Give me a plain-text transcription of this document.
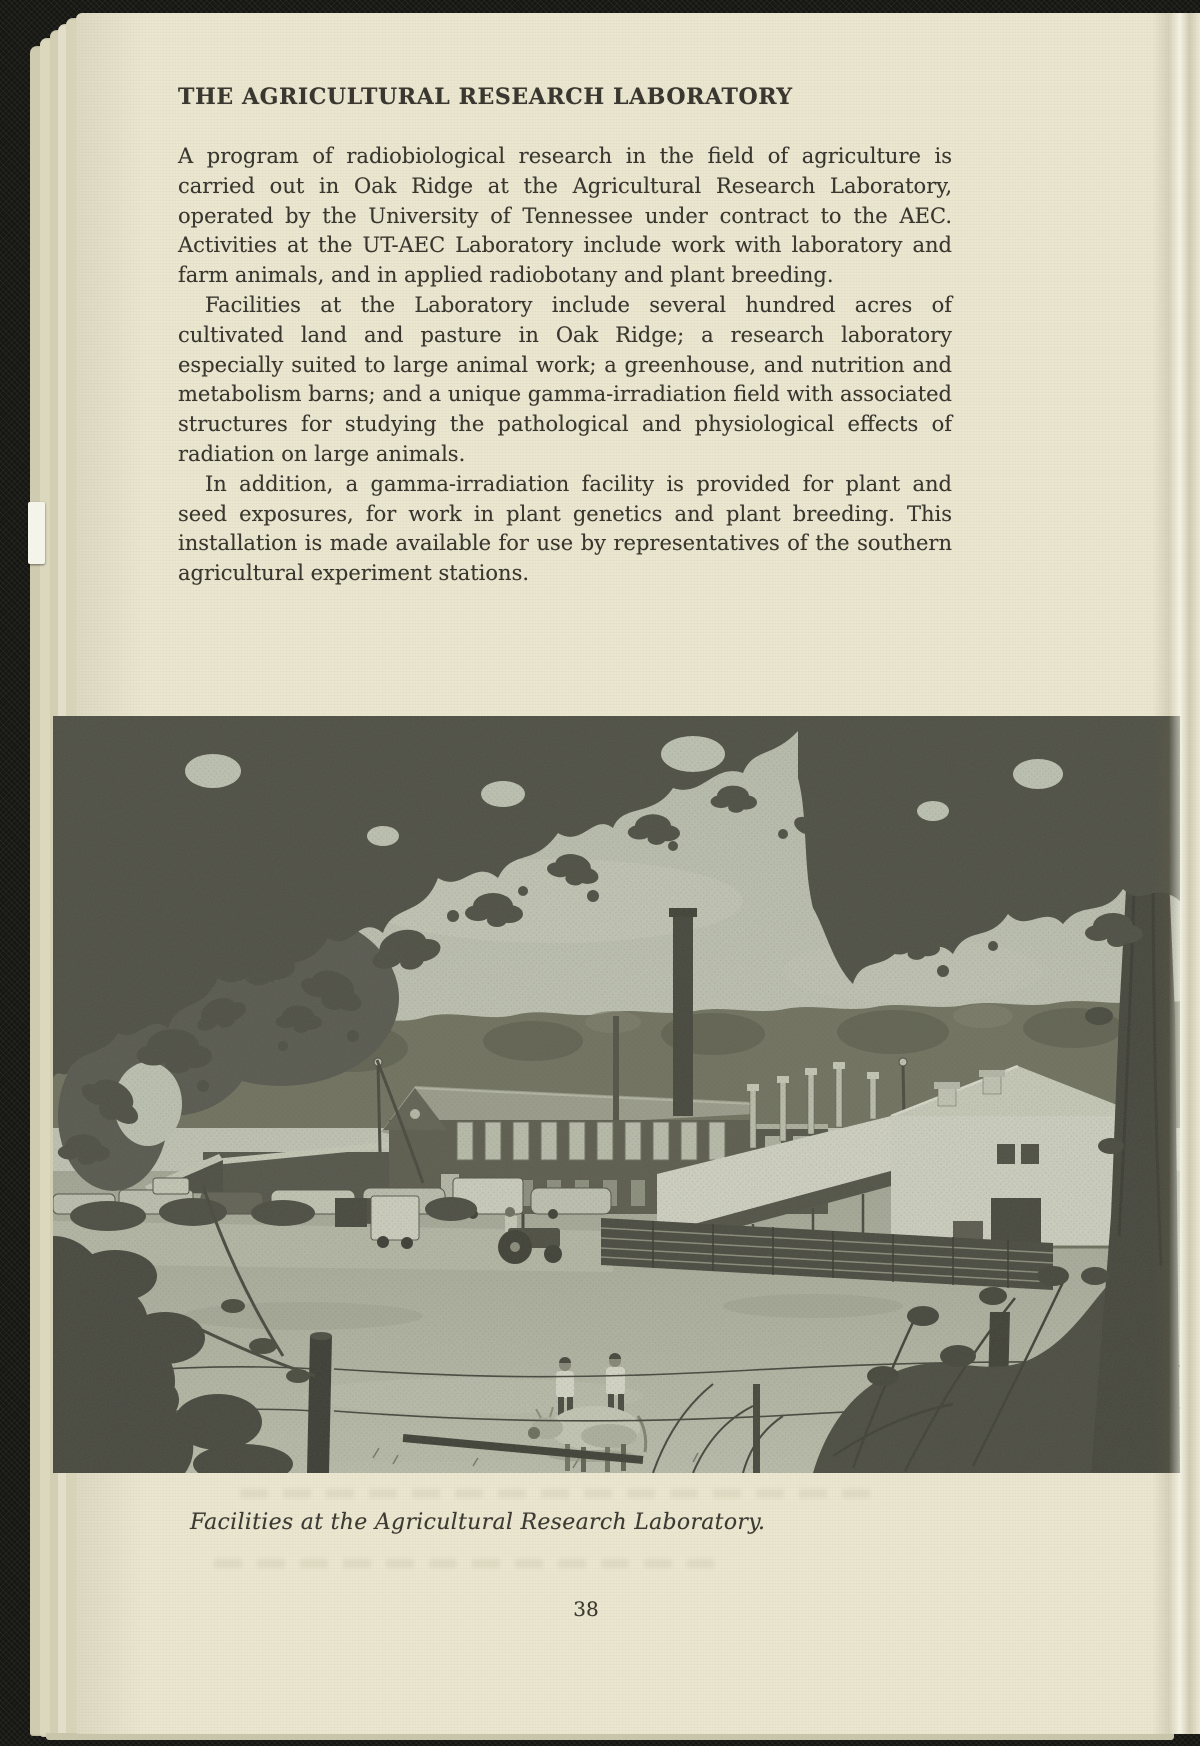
THE AGRICULTURAL RESEARCH LABORATORY

A program of radiobiological research in the field of agriculture is carried out in Oak Ridge at the Agricultural Research Laboratory, operated by the University of Tennessee under contract to the AEC. Activities at the UT-AEC Laboratory include work with laboratory and farm animals, and in applied radiobotany and plant breeding.

Facilities at the Laboratory include several hundred acres of cultivated land and pasture in Oak Ridge; a research laboratory especially suited to large animal work; a greenhouse, and nutrition and metabolism barns; and a unique gamma-irradiation field with associated structures for studying the pathological and physiological effects of radiation on large animals.

In addition, a gamma-irradiation facility is provided for plant and seed exposures, for work in plant genetics and plant breeding. This installation is made available for use by representatives of the southern agricultural experiment stations.

Facilities at the Agricultural Research Laboratory.
38
